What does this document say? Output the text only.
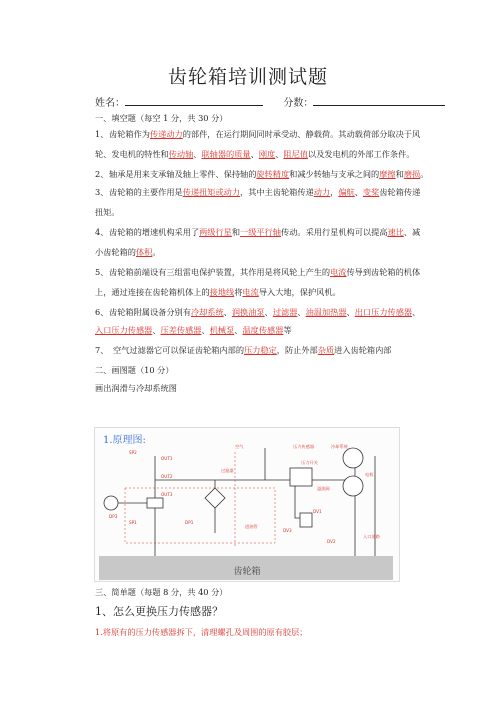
齿轮箱培训测试题
姓名：	分数：
一、填空题（每空 1 分，共 30 分）
1、齿轮箱作为传递动力的部件，在运行期间同时承受动、静载荷。其动载荷部分取决于风
轮、发电机的特性和传动轴、联轴器的质量、刚度、阻尼值以及发电机的外部工作条件。
2、轴承是用来支承轴及轴上零件、保持轴的旋转精度和减少转轴与支承之间的摩擦和磨损。
3、齿轮箱的主要作用是传递扭矩或动力，其中主齿轮箱传递动力，偏航、变桨齿轮箱传递
扭矩。
4、齿轮箱的增速机构采用了两级行星和一级平行轴传动。采用行星机构可以提高速比、减
小齿轮箱的体积。
5、齿轮箱前端设有三组雷电保护装置，其作用是将风轮上产生的电流传导到齿轮箱的机体
上，通过连接在齿轮箱机体上的接地线将电流导入大地，保护风机。
6、齿轮箱附属设备分别有冷却系统、润换油泵、过滤器、油温加热器、出口压力传感器、
入口压力传感器、压差传感器、机械泵、温度传感器等
7、 空气过滤器它可以保证齿轮箱内部的压力稳定，防止外部杂质进入齿轮箱内部
二、画图题（10 分）
画出润滑与冷却系统图
1.原理图:
齿轮箱
SP2
OUT1
OUT2
OUT3
SP1
DP3
DV3
DV1
DV2
DP1
过滤器
冷却系统
电机
溢流阀
压力传感器
压力开关
进油管
入口油路
空气
三、简单题（每题 8 分，共 40 分）
1、怎么更换压力传感器？
1.将原有的压力传感器拆下，清理螺孔及周围的原有胶层；
